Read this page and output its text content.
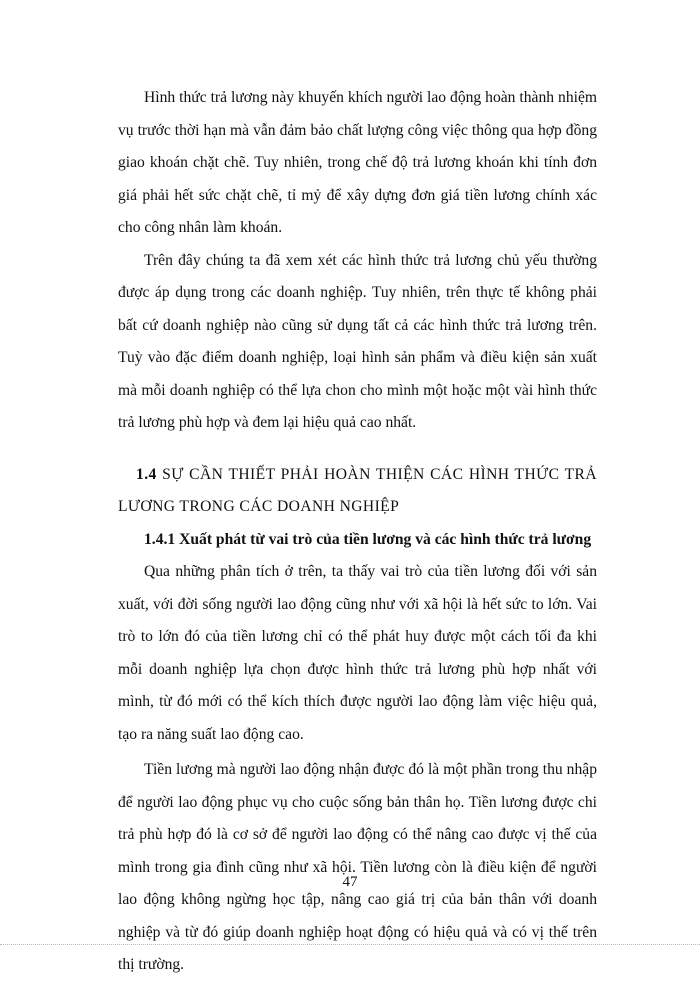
Hình thức trả lương này khuyến khích người lao động hoàn thành nhiệm vụ trước thời hạn mà vẫn đảm bảo chất lượng công việc thông qua hợp đồng giao khoán chặt chẽ. Tuy nhiên, trong chế độ trả lương khoán khi tính đơn giá phải hết sức chặt chẽ, tỉ mỷ để xây dựng đơn giá tiền lương chính xác cho công nhân làm khoán.

Trên đây chúng ta đã xem xét các hình thức trả lương chủ yếu thường được áp dụng trong các doanh nghiệp. Tuy nhiên, trên thực tế không phải bất cứ doanh nghiệp nào cũng sử dụng tất cả các hình thức trả lương trên. Tuỳ vào đặc điểm doanh nghiệp, loại hình sản phẩm và điều kiện sản xuất mà mỗi doanh nghiệp có thể lựa chon cho mình một hoặc một vài hình thức trả lương phù hợp và đem lại hiệu quả cao nhất.

1.4 SỰ CẦN THIẾT PHẢI HOÀN THIỆN CÁC HÌNH THỨC TRẢ LƯƠNG TRONG CÁC DOANH NGHIỆP

1.4.1 Xuất phát từ vai trò của tiền lương và các hình thức trả lương

Qua những phân tích ở trên, ta thấy vai trò của tiền lương đối với sản xuất, với đời sống người lao động cũng như với xã hội là hết sức to lớn. Vai trò to lớn đó của tiền lương chỉ có thể phát huy được một cách tối đa khi mỗi doanh nghiệp lựa chọn được hình thức trả lương phù hợp nhất với mình, từ đó mới có thể kích thích được người lao động làm việc hiệu quả, tạo ra năng suất lao động cao.

Tiền lương mà người lao động nhận được đó là một phần trong thu nhập để người lao động phục vụ cho cuộc sống bản thân họ. Tiền lương được chi trả phù hợp đó là cơ sở để người lao động có thể nâng cao được vị thế của mình trong gia đình cũng như xã hội. Tiền lương còn là điều kiện để người lao động không ngừng học tập, nâng cao giá trị của bản thân với doanh nghiệp và từ đó giúp doanh nghiệp hoạt động có hiệu quả và có vị thế trên thị trường.

47
